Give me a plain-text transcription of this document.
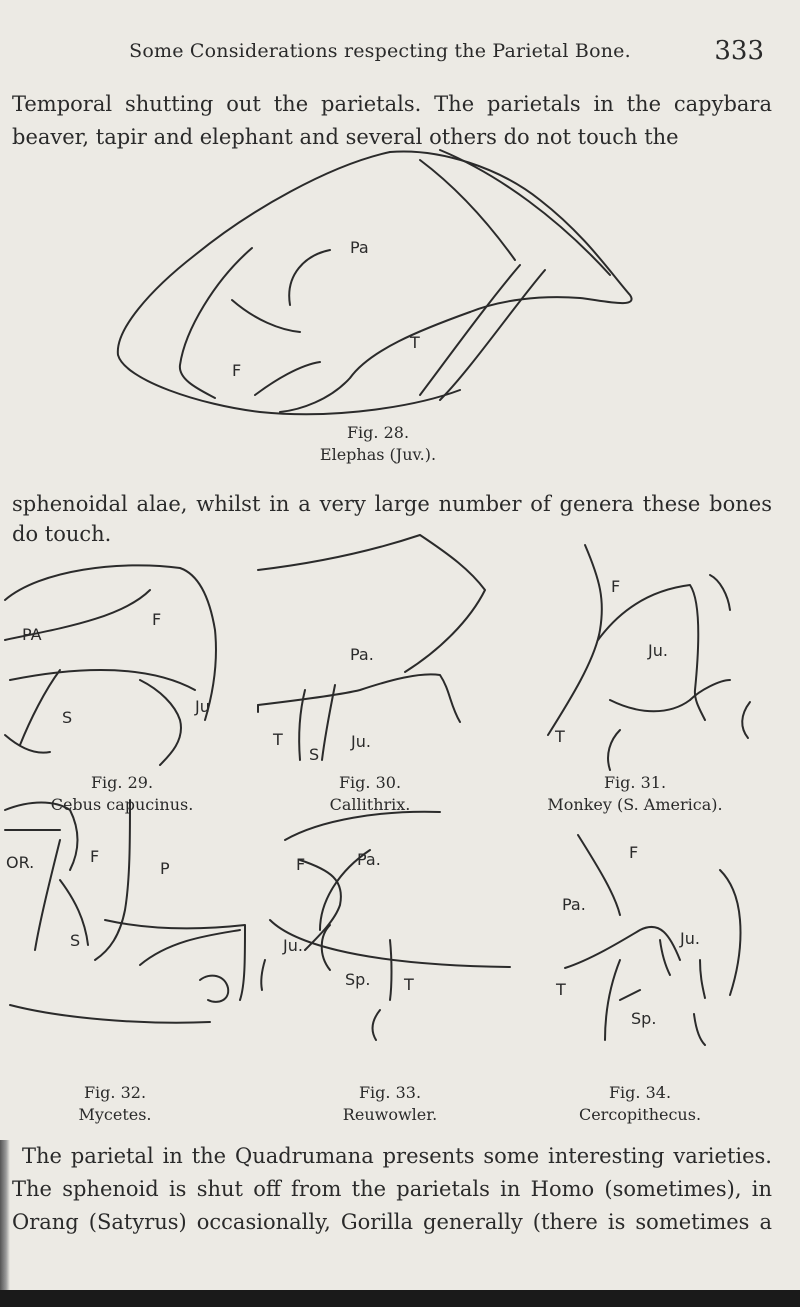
Some Considerations respecting the Parietal Bone.	333
Temporal shutting out the parietals. The parietals in the capybara
beaver, tapir and elephant and several others do not touch the
Pa
T
F
PA
F
S
Ju
Pa.
T
S
Ju.
F
Ju.
T
OR.	F
P
S
F	Pa.
Ju.
Sp. T
Pa.
F
Ju.
T
Sp.
Fig. 28.
Elephas (Juv.).
sphenoidal alae, whilst in a very large number of genera these bones
do touch.
Fig. 29.
Cebus capucinus.
Fig. 30.
Callithrix.
Fig. 31.
Monkey (S. America).
Fig. 32.
Mycetes.
Fig. 33.
Reuwowler.
Fig. 34.
Cercopithecus.
The parietal in the Quadrumana presents some interesting varieties.
The sphenoid is shut off from the parietals in Homo (sometimes), in
Orang (Satyrus) occasionally, Gorilla generally (there is sometimes a
